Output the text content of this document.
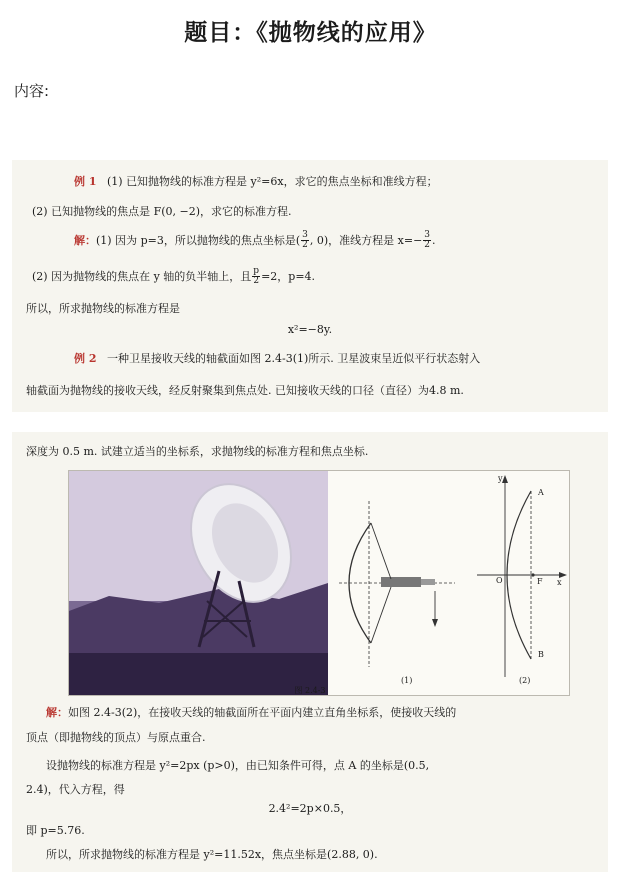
题目：《抛物线的应用》
内容:
例 1 (1) 已知抛物线的标准方程是 y²=6x，求它的焦点坐标和准线方程；
(2) 已知抛物线的焦点是 F(0, −2)，求它的标准方程.
解：(1) 因为 p=3，所以抛物线的焦点坐标是( $\frac{3}{2}$ , 0)，准线方程是 $x=- \frac{3}{2}$ .
(2) 因为抛物线的焦点在 y 轴的负半轴上，且 $\frac{p}{2} =2$，p=4.
所以，所求抛物线的标准方程是
x²=−8y.
例 2 一种卫星接收天线的轴截面如图 2.4-3(1)所示. 卫星波束呈近似平行状态射入
轴截面为抛物线的接收天线，经反射聚集到焦点处. 已知接收天线的口径（直径）为4.8 m.
深度为 0.5 m. 试建立适当的坐标系，求抛物线的标准方程和焦点坐标.
(1)
y
x
A
B
O	F
(2)
图 2.4-3
解：如图 2.4-3(2)，在接收天线的轴截面所在平面内建立直角坐标系，使接收天线的
顶点（即抛物线的顶点）与原点重合.
设抛物线的标准方程是 y²=2px (p>0)，由已知条件可得，点 A 的坐标是(0.5,
2.4)，代入方程，得
2.4²=2p×0.5，
即 p=5.76.
所以，所求抛物线的标准方程是 y²=11.52x，焦点坐标是(2.88, 0).
